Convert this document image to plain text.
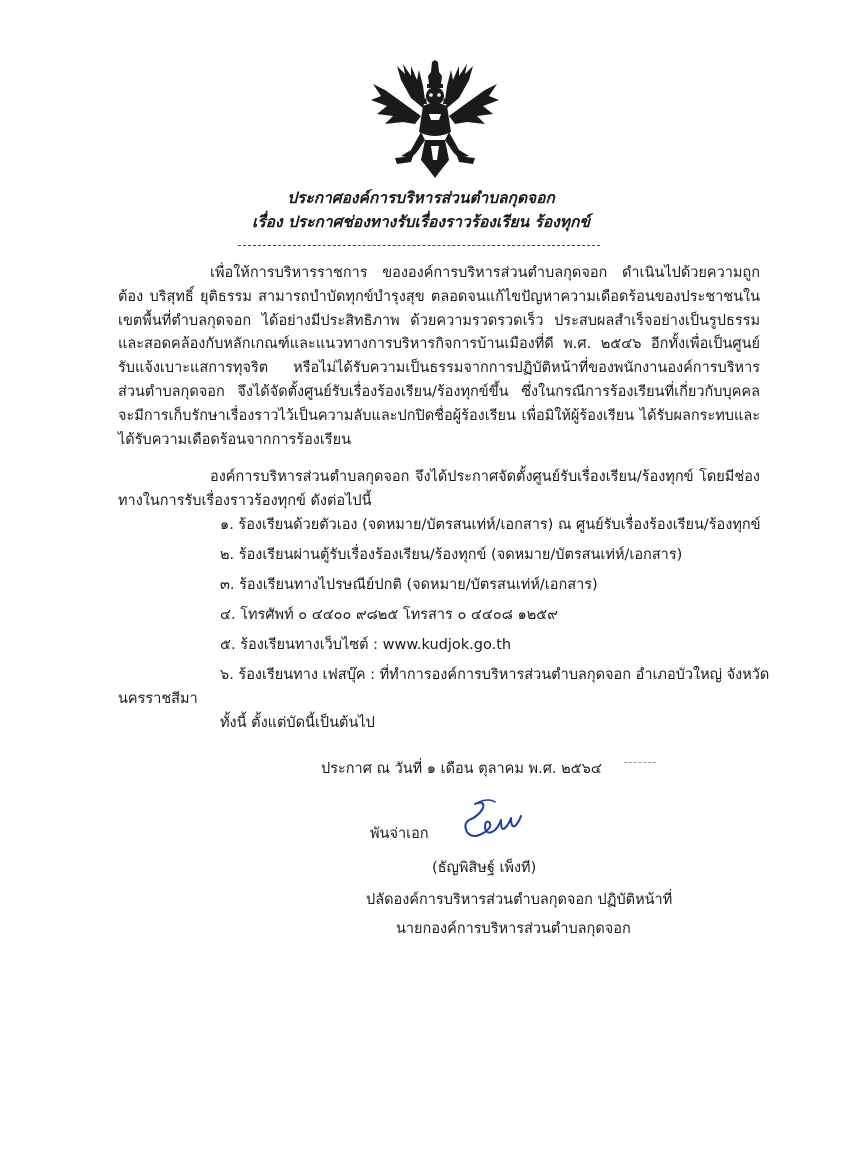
ประกาศองค์การบริหารส่วนตำบลกุดจอก
เรื่อง ประกาศช่องทางรับเรื่องราวร้องเรียน ร้องทุกข์
เพื่อให้การบริหารราชการ ขององค์การบริหารส่วนตำบลกุดจอก ดำเนินไปด้วยความถูกต้อง บริสุทธิ์ ยุติธรรม สามารถบำบัดทุกข์บำรุงสุข ตลอดจนแก้ไขปัญหาความเดือดร้อนของประชาชนในเขตพื้นที่ตำบลกุดจอก ได้อย่างมีประสิทธิภาพ ด้วยความรวดรวดเร็ว ประสบผลสำเร็จอย่างเป็นรูปธรรม และสอดคล้องกับหลักเกณฑ์และแนวทางการบริหารกิจการบ้านเมืองที่ดี พ.ศ. ๒๕๔๖ อีกทั้งเพื่อเป็นศูนย์รับแจ้งเบาะแสการทุจริต หรือไม่ได้รับความเป็นธรรมจากการปฏิบัติหน้าที่ของพนักงานองค์การบริหารส่วนตำบลกุดจอก จึงได้จัดตั้งศูนย์รับเรื่องร้องเรียน/ร้องทุกข์ขึ้น ซึ่งในกรณีการร้องเรียนที่เกี่ยวกับบุคคล จะมีการเก็บรักษาเรื่องราวไว้เป็นความลับและปกปิดชื่อผู้ร้องเรียน เพื่อมิให้ผู้ร้องเรียน ได้รับผลกระทบและได้รับความเดือดร้อนจากการร้องเรียน
องค์การบริหารส่วนตำบลกุดจอก จึงได้ประกาศจัดตั้งศูนย์รับเรื่องเรียน/ร้องทุกข์ โดยมีช่องทางในการรับเรื่องราวร้องทุกข์ ดังต่อไปนี้
๑. ร้องเรียนด้วยตัวเอง (จดหมาย/บัตรสนเท่ห์/เอกสาร) ณ ศูนย์รับเรื่องร้องเรียน/ร้องทุกข์
๒. ร้องเรียนผ่านตู้รับเรื่องร้องเรียน/ร้องทุกข์ (จดหมาย/บัตรสนเท่ห์/เอกสาร)
๓. ร้องเรียนทางไปรษณีย์ปกติ (จดหมาย/บัตรสนเท่ห์/เอกสาร)
๔. โทรศัพท์ ๐ ๔๔๐๐ ๙๘๒๕ โทรสาร ๐ ๔๔๐๘ ๑๒๕๙
๕. ร้องเรียนทางเว็บไซต์ : www.kudjok.go.th
๖. ร้องเรียนทาง เฟสบุ๊ค : ที่ทำการองค์การบริหารส่วนตำบลกุดจอก อำเภอบัวใหญ่ จังหวัด
นครราชสีมา
ทั้งนี้ ตั้งแต่บัดนี้เป็นต้นไป
ประกาศ ณ วันที่ ๑ เดือน ตุลาคม พ.ศ. ๒๕๖๔
พันจ่าเอก
(ธัญพิสิษฐ์ เพ็งที)
ปลัดองค์การบริหารส่วนตำบลกุดจอก ปฏิบัติหน้าที่
นายกองค์การบริหารส่วนตำบลกุดจอก
